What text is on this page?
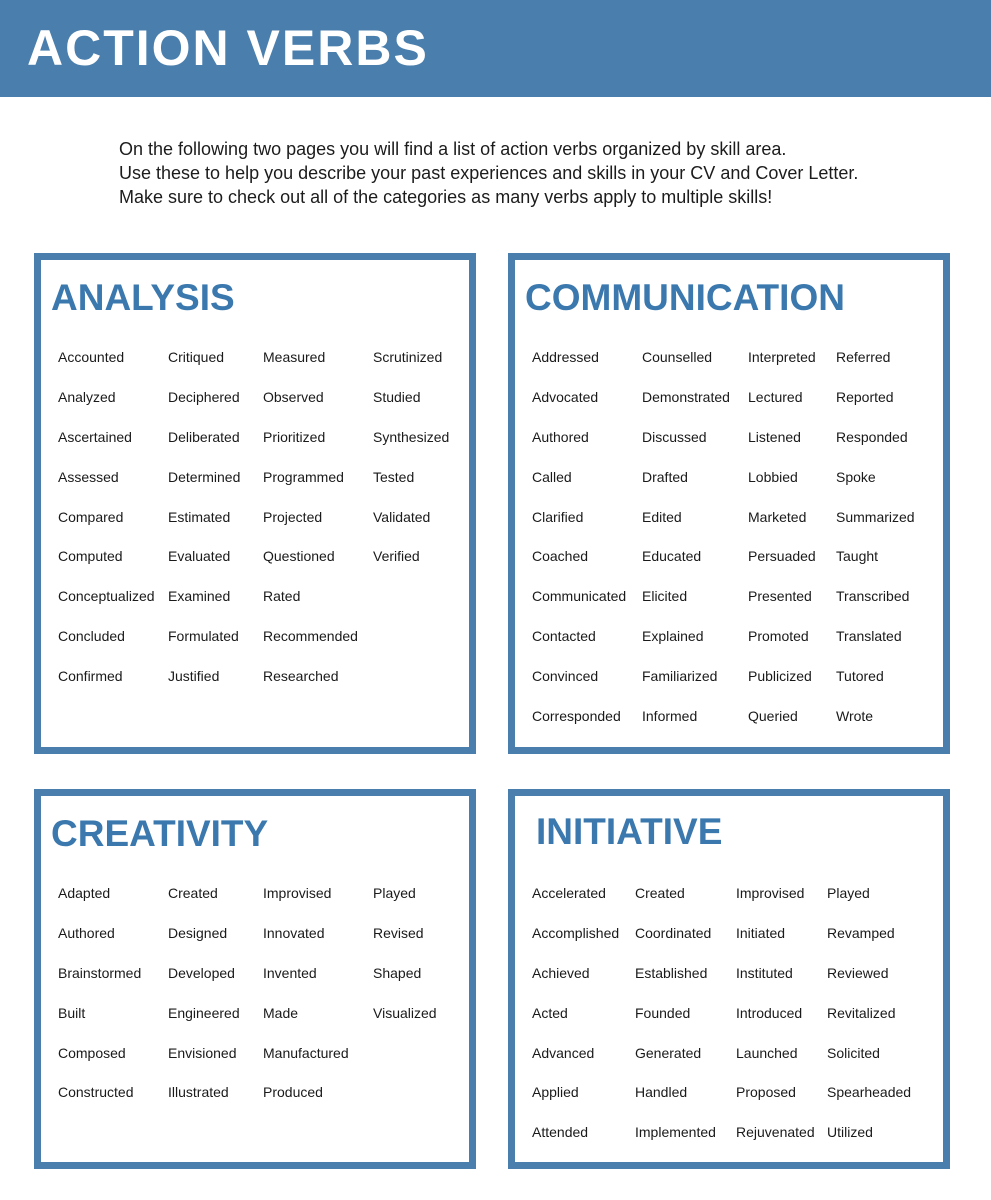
ACTION VERBS

On the following two pages you will find a list of action verbs organized by skill area.
Use these to help you describe your past experiences and skills in your CV and Cover Letter.
Make sure to check out all of the categories as many verbs apply to multiple skills!

ANALYSIS
Accounted
Analyzed
Ascertained
Assessed
Compared
Computed
Conceptualized
Concluded
Confirmed
Critiqued
Deciphered
Deliberated
Determined
Estimated
Evaluated
Examined
Formulated
Justified
Measured
Observed
Prioritized
Programmed
Projected
Questioned
Rated
Recommended
Researched
Scrutinized
Studied
Synthesized
Tested
Validated
Verified
COMMUNICATION
Addressed
Advocated
Authored
Called
Clarified
Coached
Communicated
Contacted
Convinced
Corresponded
Counselled
Demonstrated
Discussed
Drafted
Edited
Educated
Elicited
Explained
Familiarized
Informed
Interpreted
Lectured
Listened
Lobbied
Marketed
Persuaded
Presented
Promoted
Publicized
Queried
Referred
Reported
Responded
Spoke
Summarized
Taught
Transcribed
Translated
Tutored
Wrote
CREATIVITY
Adapted
Authored
Brainstormed
Built
Composed
Constructed
Created
Designed
Developed
Engineered
Envisioned
Illustrated
Improvised
Innovated
Invented
Made
Manufactured
Produced
Played
Revised
Shaped
Visualized
INITIATIVE
Accelerated
Accomplished
Achieved
Acted
Advanced
Applied
Attended
Created
Coordinated
Established
Founded
Generated
Handled
Implemented
Improvised
Initiated
Instituted
Introduced
Launched
Proposed
Rejuvenated
Played
Revamped
Reviewed
Revitalized
Solicited
Spearheaded
Utilized
